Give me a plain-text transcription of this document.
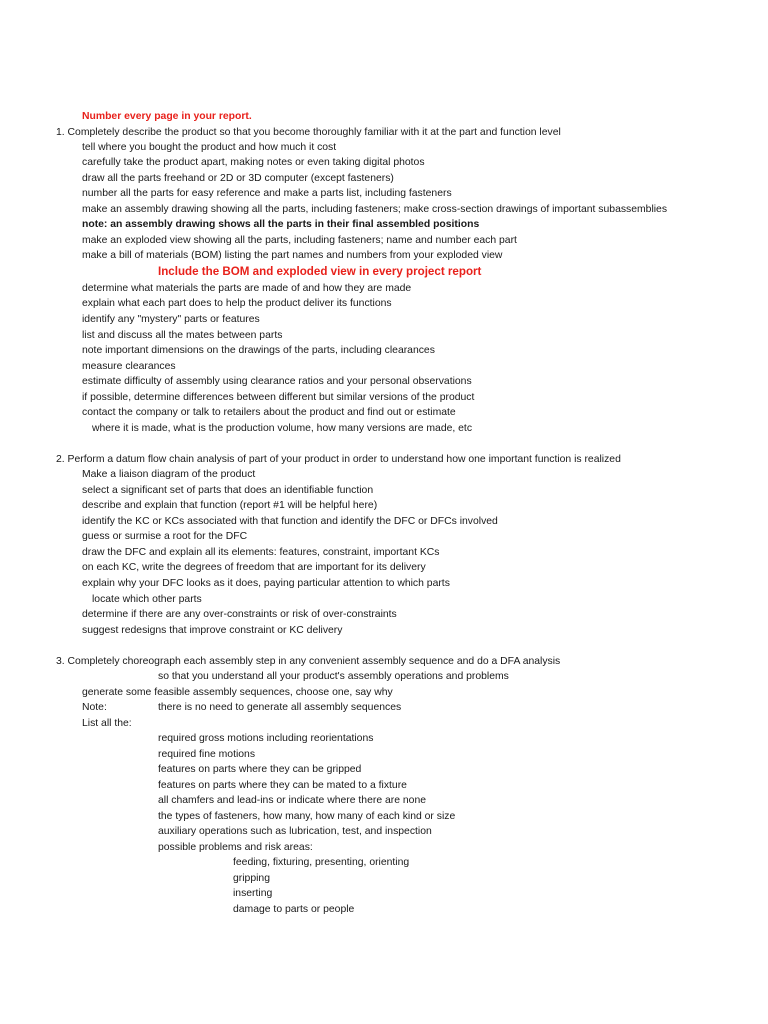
Number every page in your report.
1. Completely describe the product so that you become thoroughly familiar with it at the part and function level
tell where you bought the product and how much it cost
carefully take the product apart, making notes or even taking digital photos
draw all the parts freehand or 2D or 3D computer (except fasteners)
number all the parts for easy reference and make a parts list, including fasteners
make an assembly drawing showing all the parts, including fasteners; make cross-section drawings of important subassemblies
note: an assembly drawing shows all the parts in their final assembled positions
make an exploded view showing all the parts, including fasteners; name and number each part
make a bill of materials (BOM) listing the part names and numbers from your exploded view
Include the BOM and exploded view in every project report
determine what materials the parts are made of and how they are made
explain what each part does to help the product deliver its functions
identify any "mystery" parts or features
list and discuss all the mates between parts
note important dimensions on the drawings of the parts, including clearances
measure clearances
estimate difficulty of assembly using clearance ratios and your personal observations
if possible, determine differences between different but similar versions of the product
contact the company or talk to retailers about the product and find out or estimate
where it is made, what is the production volume, how many versions are made, etc
2. Perform a datum flow chain analysis of part of your product in order to understand how one important function is realized
Make a liaison diagram of the product
select a significant set of parts that does an identifiable function
describe and explain that function (report #1 will be helpful here)
identify the KC or KCs associated with that function and identify the DFC or DFCs involved
guess or surmise a root for the DFC
draw the DFC and explain all its elements: features, constraint, important KCs
on each KC, write the degrees of freedom that are important for its delivery
explain why your DFC looks as it does, paying particular attention to which parts
locate which other parts
determine if there are any over-constraints or risk of over-constraints
suggest redesigns that improve constraint or KC delivery
3. Completely choreograph each assembly step in any convenient assembly sequence and do a DFA analysis
so that you understand all your product's assembly operations and problems
generate some feasible assembly sequences, choose one, say why
Note:	there is no need to generate all assembly sequences
List all the:
required gross motions including reorientations
required fine motions
features on parts where they can be gripped
features on parts where they can be mated to a fixture
all chamfers and lead-ins or indicate where there are none
the types of fasteners, how many, how many of each kind or size
auxiliary operations such as lubrication, test, and inspection
possible problems and risk areas:
feeding, fixturing, presenting, orienting
gripping
inserting
damage to parts or people
